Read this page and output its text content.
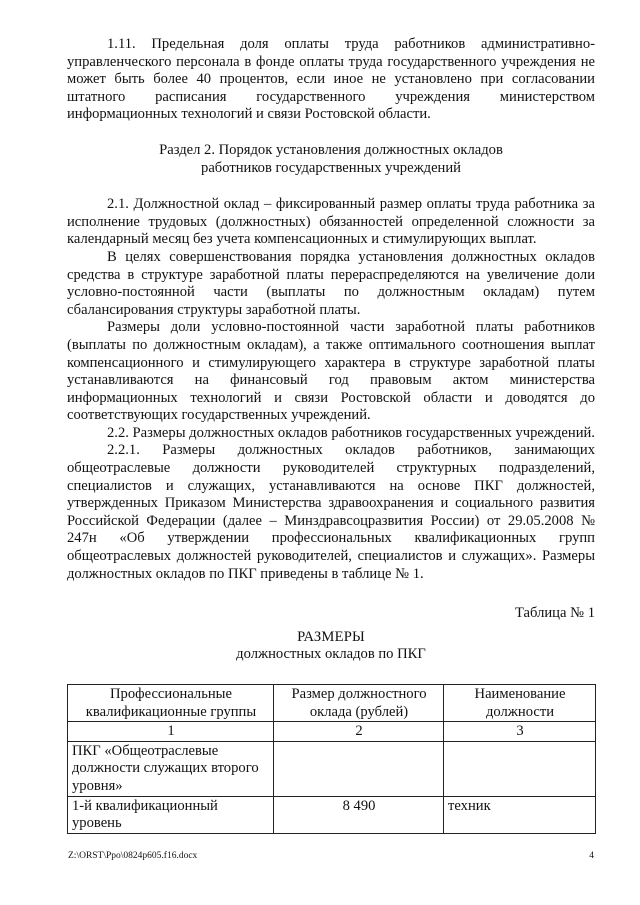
1.11. Предельная доля оплаты труда работников административно-управленческого персонала в фонде оплаты труда государственного учреждения не может быть более 40 процентов, если иное не установлено при согласовании штатного расписания государственного учреждения министерством информационных технологий и связи Ростовской области.

Раздел 2. Порядок установления должностных окладов

работников государственных учреждений

2.1. Должностной оклад – фиксированный размер оплаты труда работника за исполнение трудовых (должностных) обязанностей определенной сложности за календарный месяц без учета компенсационных и стимулирующих выплат.

В целях совершенствования порядка установления должностных окладов средства в структуре заработной платы перераспределяются на увеличение доли условно-постоянной части (выплаты по должностным окладам) путем сбалансирования структуры заработной платы.

Размеры доли условно-постоянной части заработной платы работников (выплаты по должностным окладам), а также оптимального соотношения выплат компенсационного и стимулирующего характера в структуре заработной платы устанавливаются на финансовый год правовым актом министерства информационных технологий и связи Ростовской области и доводятся до соответствующих государственных учреждений.

2.2. Размеры должностных окладов работников государственных учреждений.

2.2.1. Размеры должностных окладов работников, занимающих общеотраслевые должности руководителей структурных подразделений, специалистов и служащих, устанавливаются на основе ПКГ должностей, утвержденных Приказом Министерства здравоохранения и социального развития Российской Федерации (далее – Минздравсоцразвития России) от 29.05.2008 № 247н «Об утверждении профессиональных квалификационных групп общеотраслевых должностей руководителей, специалистов и служащих». Размеры должностных окладов по ПКГ приведены в таблице № 1.

Таблица № 1

РАЗМЕРЫ

должностных окладов по ПКГ

Профессиональные квалификационные группы	Размер должностного оклада (рублей)	Наименование должности
1	2	3
ПКГ «Общеотраслевые должности служащих второго уровня»		
1-й квалификационный уровень	8 490	техник
Z:\ORST\Ppo\0824p605.f16.docx	4
